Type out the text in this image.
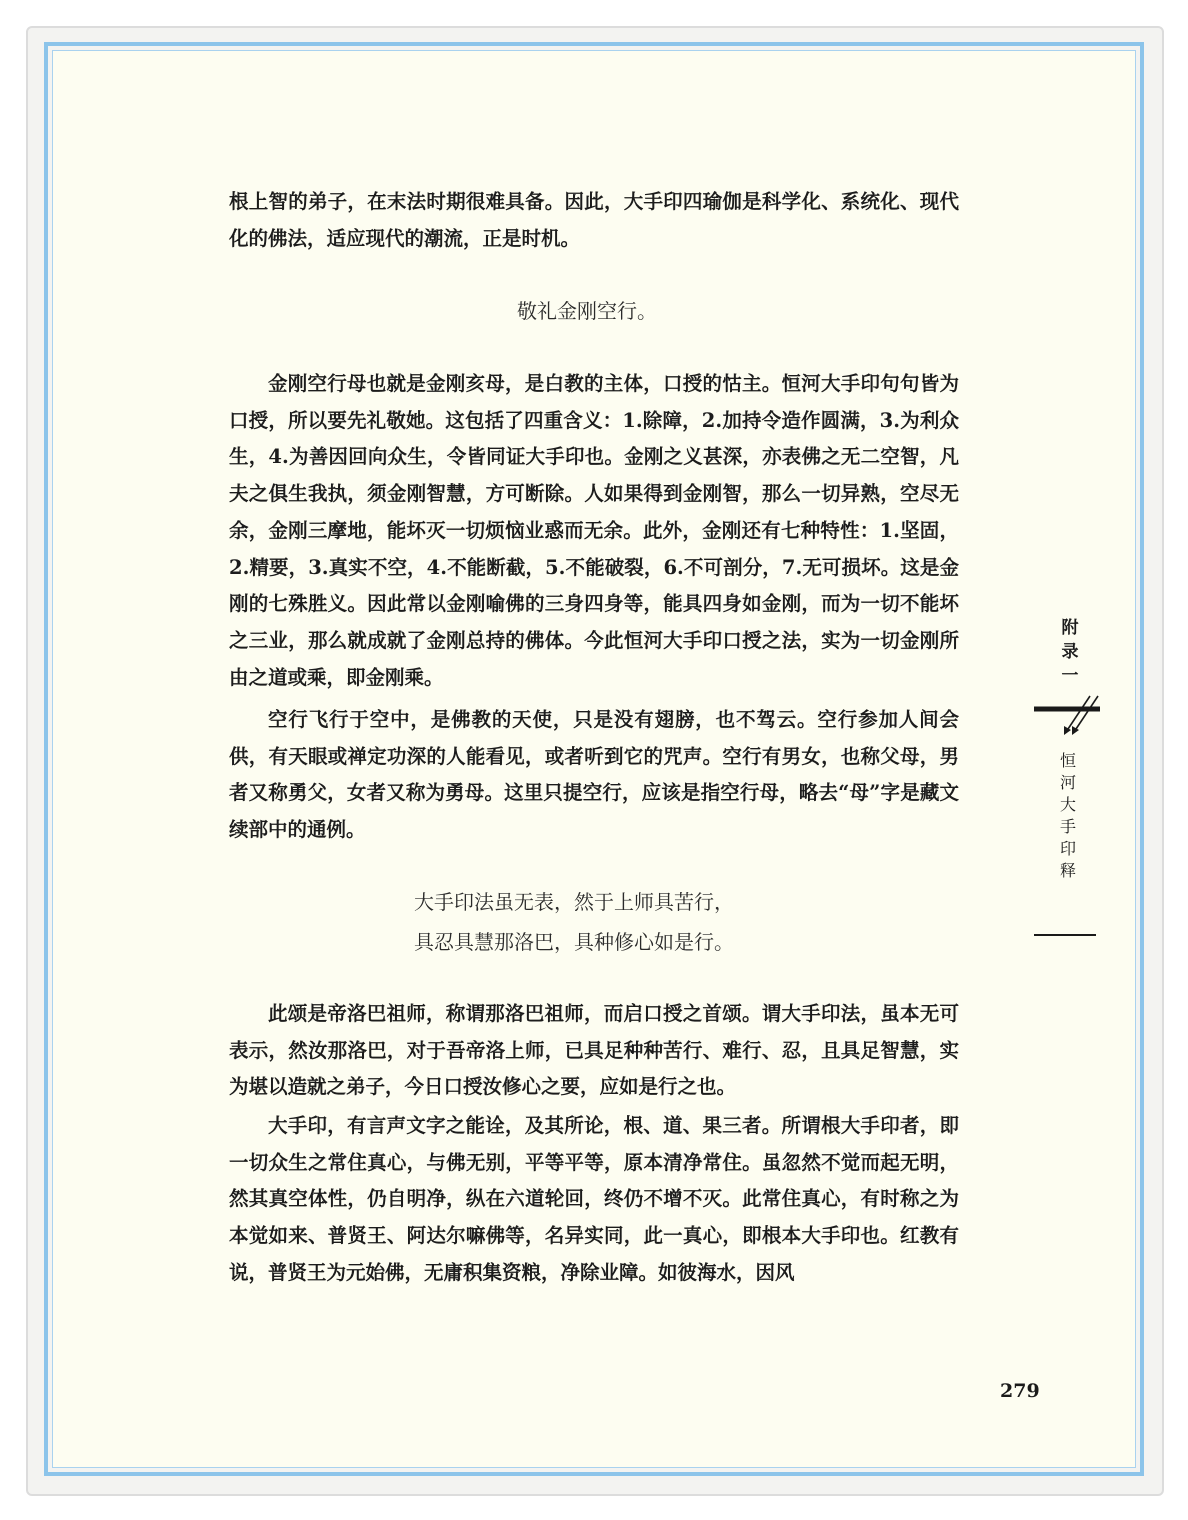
根上智的弟子，在末法时期很难具备。因此，大手印四瑜伽是科学化、系统化、现代化的佛法，适应现代的潮流，正是时机。

敬礼金刚空行。

金刚空行母也就是金刚亥母，是白教的主体，口授的怙主。恒河大手印句句皆为口授，所以要先礼敬她。这包括了四重含义：1.除障，2.加持令造作圆满，3.为利众生，4.为善因回向众生，令皆同证大手印也。金刚之义甚深，亦表佛之无二空智，凡夫之俱生我执，须金刚智慧，方可断除。人如果得到金刚智，那么一切异熟，空尽无余，金刚三摩地，能坏灭一切烦恼业惑而无余。此外，金刚还有七种特性：1.坚固，2.精要，3.真实不空，4.不能断截，5.不能破裂，6.不可剖分，7.无可损坏。这是金刚的七殊胜义。因此常以金刚喻佛的三身四身等，能具四身如金刚，而为一切不能坏之三业，那么就成就了金刚总持的佛体。今此恒河大手印口授之法，实为一切金刚所由之道或乘，即金刚乘。

空行飞行于空中，是佛教的天使，只是没有翅膀，也不驾云。空行参加人间会供，有天眼或禅定功深的人能看见，或者听到它的咒声。空行有男女，也称父母，男者又称勇父，女者又称为勇母。这里只提空行，应该是指空行母，略去“母”字是藏文续部中的通例。

大手印法虽无表，然于上师具苦行，

具忍具慧那洛巴，具种修心如是行。

此颂是帝洛巴祖师，称谓那洛巴祖师，而启口授之首颂。谓大手印法，虽本无可表示，然汝那洛巴，对于吾帝洛上师，已具足种种苦行、难行、忍，且具足智慧，实为堪以造就之弟子，今日口授汝修心之要，应如是行之也。

大手印，有言声文字之能诠，及其所论，根、道、果三者。所谓根大手印者，即一切众生之常住真心，与佛无别，平等平等，原本清净常住。虽忽然不觉而起无明，然其真空体性，仍自明净，纵在六道轮回，终仍不增不灭。此常住真心，有时称之为本觉如来、普贤王、阿达尔嘛佛等，名异实同，此一真心，即根本大手印也。红教有说，普贤王为元始佛，无庸积集资粮，净除业障。如彼海水，因风

附录一
恒河大手印释
279
